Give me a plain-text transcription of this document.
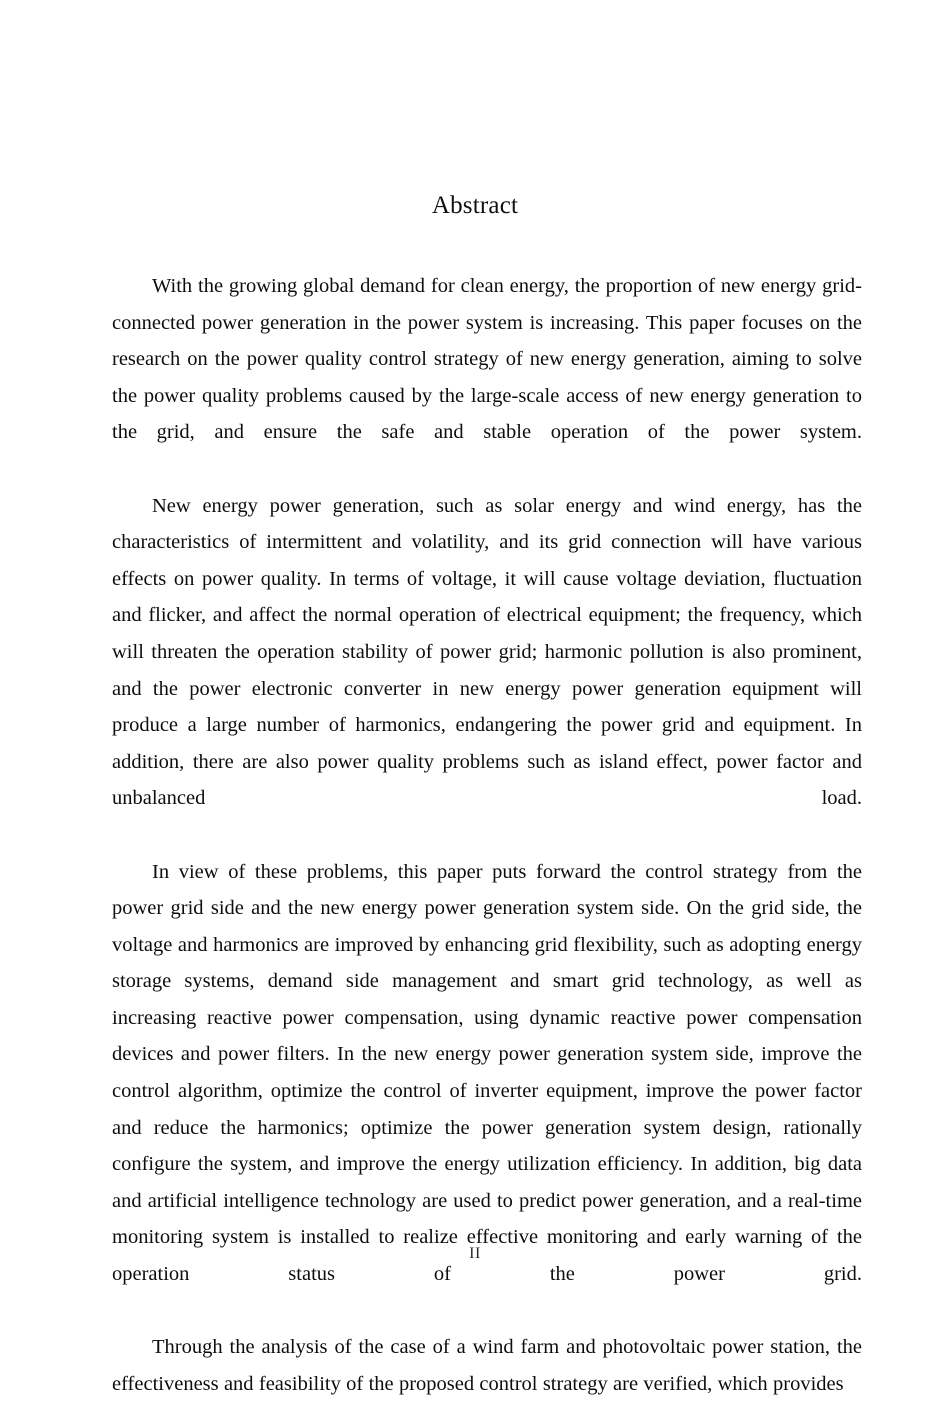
Abstract

With the growing global demand for clean energy, the proportion of new energy grid-connected power generation in the power system is increasing. This paper focuses on the research on the power quality control strategy of new energy generation, aiming to solve the power quality problems caused by the large-scale access of new energy generation to the grid, and ensure the safe and stable operation of the power system.

New energy power generation, such as solar energy and wind energy, has the characteristics of intermittent and volatility, and its grid connection will have various effects on power quality. In terms of voltage, it will cause voltage deviation, fluctuation and flicker, and affect the normal operation of electrical equipment; the frequency, which will threaten the operation stability of power grid; harmonic pollution is also prominent, and the power electronic converter in new energy power generation equipment will produce a large number of harmonics, endangering the power grid and equipment. In addition, there are also power quality problems such as island effect, power factor and unbalanced load.

In view of these problems, this paper puts forward the control strategy from the power grid side and the new energy power generation system side. On the grid side, the voltage and harmonics are improved by enhancing grid flexibility, such as adopting energy storage systems, demand side management and smart grid technology, as well as increasing reactive power compensation, using dynamic reactive power compensation devices and power filters. In the new energy power generation system side, improve the control algorithm, optimize the control of inverter equipment, improve the power factor and reduce the harmonics; optimize the power generation system design, rationally configure the system, and improve the energy utilization efficiency. In addition, big data and artificial intelligence technology are used to predict power generation, and a real-time monitoring system is installed to realize effective monitoring and early warning of the operation status of the power grid.

Through the analysis of the case of a wind farm and photovoltaic power station, the effectiveness and feasibility of the proposed control strategy are verified, which provides

II
